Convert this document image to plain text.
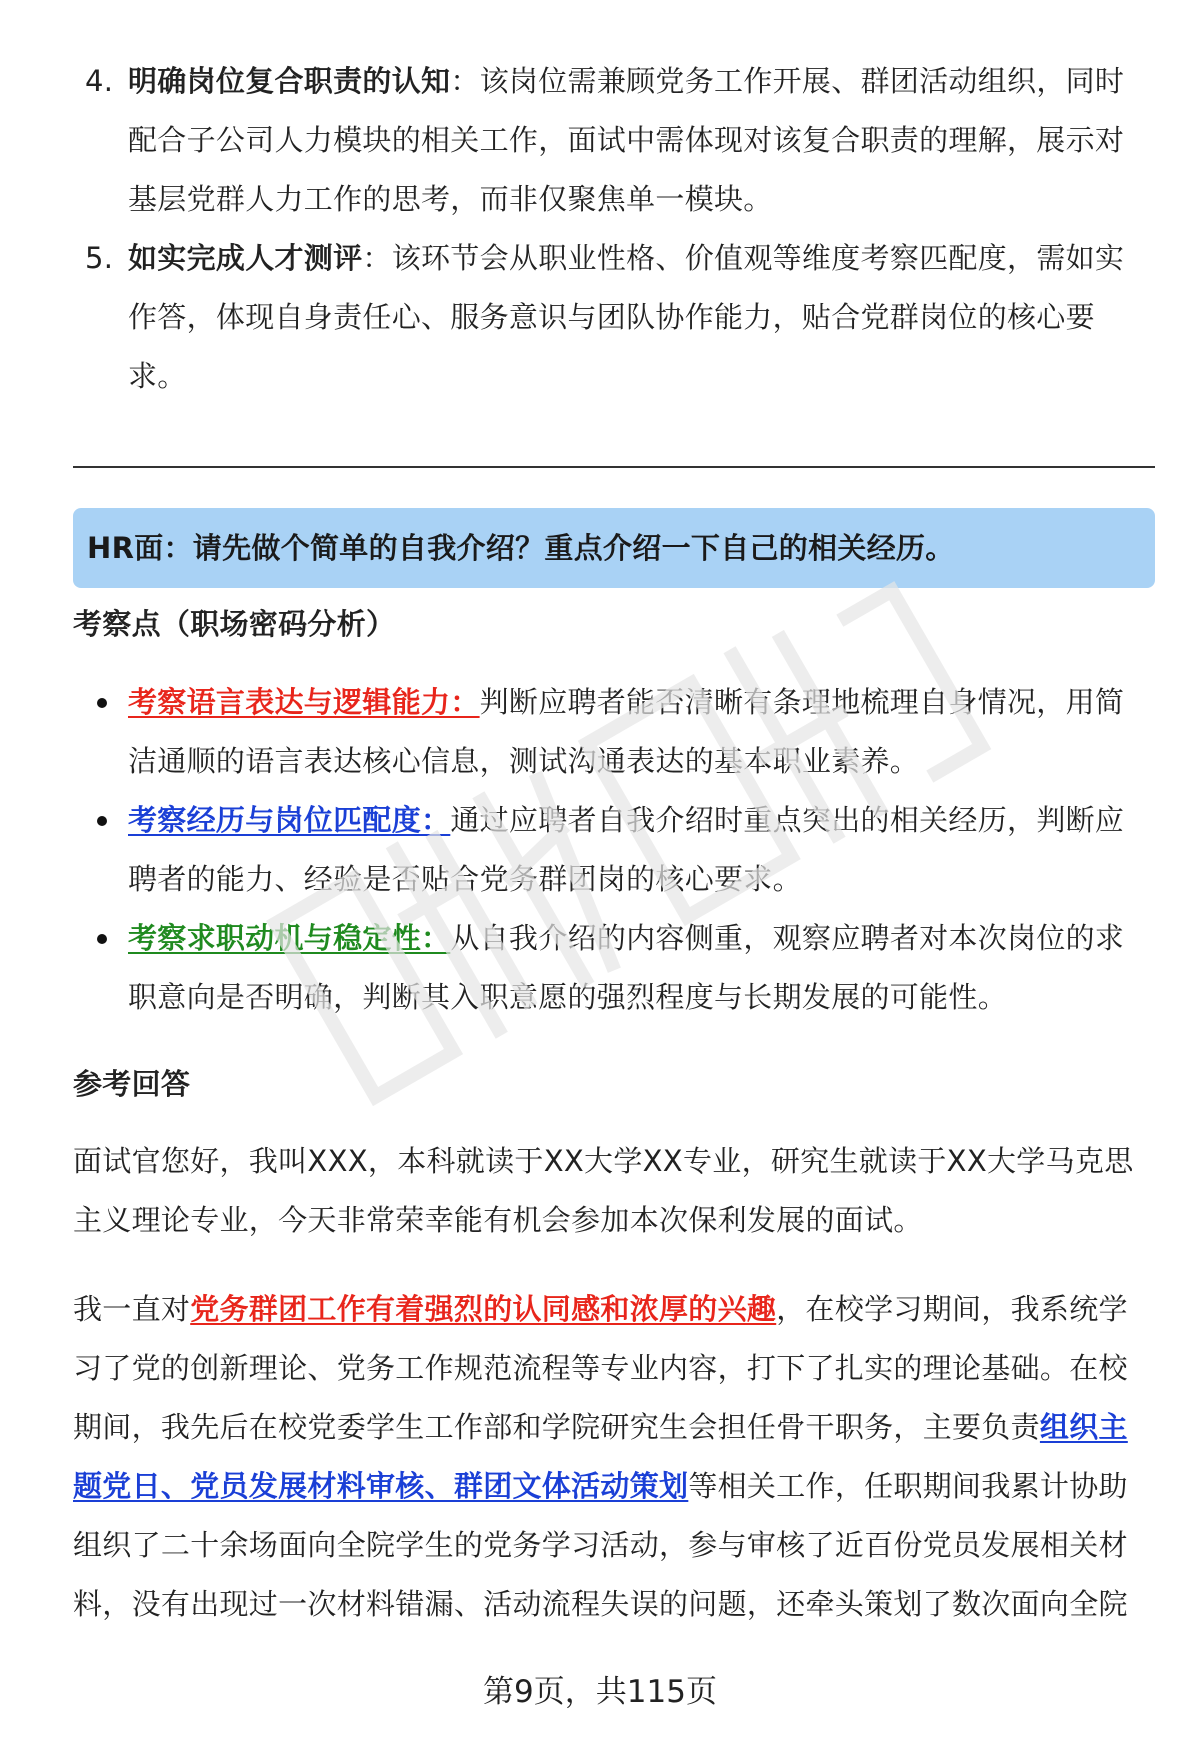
4. 明确岗位复合职责的认知：该岗位需兼顾党务工作开展、群团活动组织，同时配合子公司人力模块的相关工作，面试中需体现对该复合职责的理解，展示对基层党群人力工作的思考，而非仅聚焦单一模块。
5. 如实完成人才测评：该环节会从职业性格、价值观等维度考察匹配度，需如实作答，体现自身责任心、服务意识与团队协作能力，贴合党群岗位的核心要求。
HR面：请先做个简单的自我介绍？重点介绍一下自己的相关经历。
考察点（职场密码分析）
考察语言表达与逻辑能力：判断应聘者能否清晰有条理地梳理自身情况，用简洁通顺的语言表达核心信息，测试沟通表达的基本职业素养。
考察经历与岗位匹配度：通过应聘者自我介绍时重点突出的相关经历，判断应聘者的能力、经验是否贴合党务群团岗的核心要求。
考察求职动机与稳定性：从自我介绍的内容侧重，观察应聘者对本次岗位的求职意向是否明确，判断其入职意愿的强烈程度与长期发展的可能性。
参考回答

面试官您好，我叫XXX，本科就读于XX大学XX专业，研究生就读于XX大学马克思主义理论专业，今天非常荣幸能有机会参加本次保利发展的面试。

我一直对党务群团工作有着强烈的认同感和浓厚的兴趣，在校学习期间，我系统学习了党的创新理论、党务工作规范流程等专业内容，打下了扎实的理论基础。在校期间，我先后在校党委学生工作部和学院研究生会担任骨干职务，主要负责组织主题党日、党员发展材料审核、群团文体活动策划等相关工作，任职期间我累计协助组织了二十余场面向全院学生的党务学习活动，参与审核了近百份党员发展相关材料，没有出现过一次材料错漏、活动流程失误的问题，还牵头策划了数次面向全院

第9页，共115页
